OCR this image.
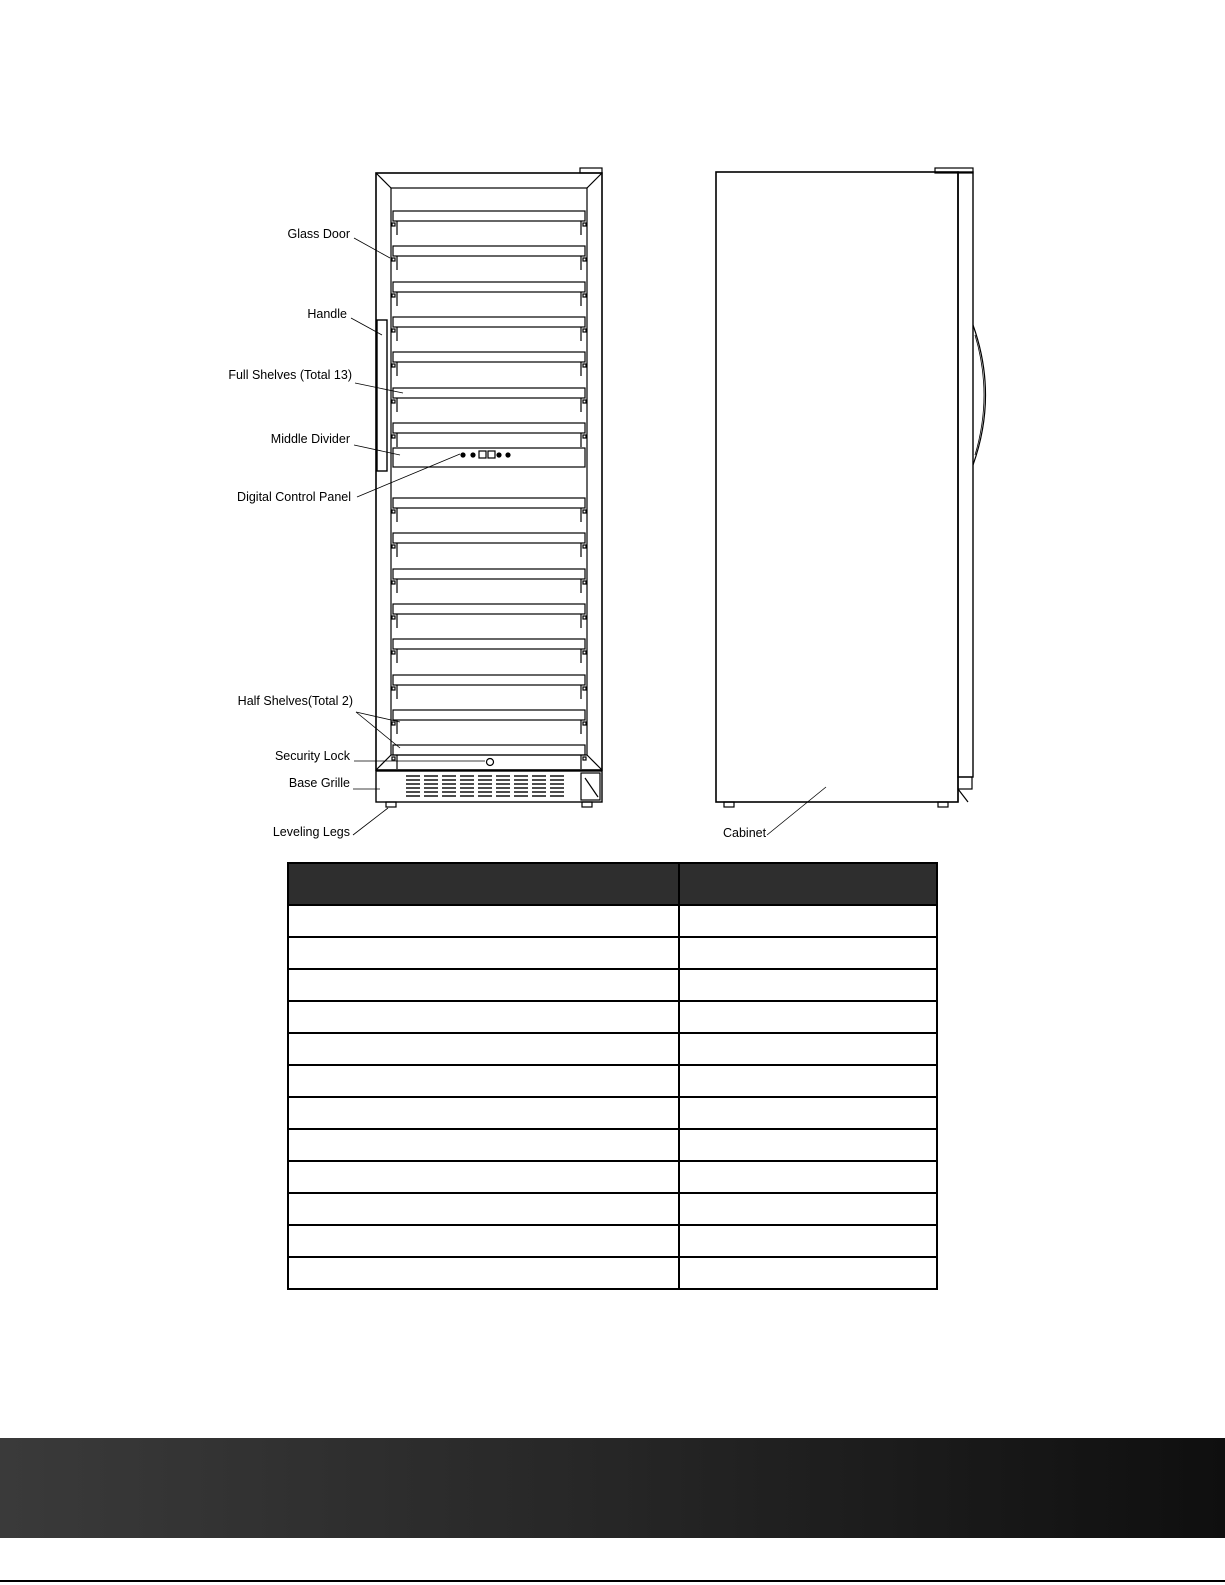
Glass Door
Handle
Full Shelves (Total 13)
Middle Divider
Digital Control Panel
Half Shelves(Total 2)
Security Lock
Base Grille
Leveling Legs	Cabinet
